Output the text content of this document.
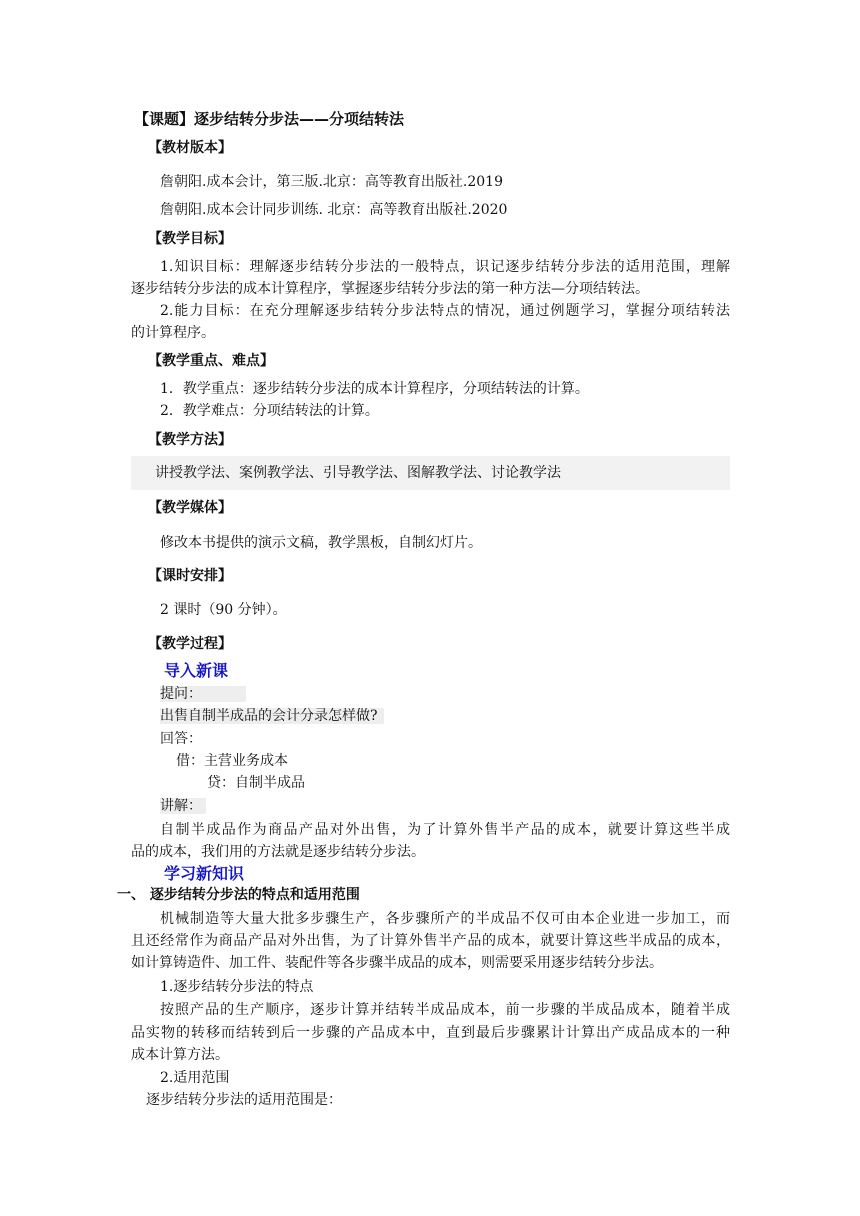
【课题】逐步结转分步法——分项结转法
【教材版本】
詹朝阳.成本会计，第三版.北京：高等教育出版社.2019
詹朝阳.成本会计同步训练. 北京：高等教育出版社.2020
【教学目标】
1.知识目标：理解逐步结转分步法的一般特点，识记逐步结转分步法的适用范围，理解
逐步结转分步法的成本计算程序，掌握逐步结转分步法的第一种方法—分项结转法。
2.能力目标：在充分理解逐步结转分步法特点的情况，通过例题学习，掌握分项结转法
的计算程序。
【教学重点、难点】
1．教学重点：逐步结转分步法的成本计算程序，分项结转法的计算。
2．教学难点：分项结转法的计算。
【教学方法】
讲授教学法、案例教学法、引导教学法、图解教学法、讨论教学法
【教学媒体】
修改本书提供的演示文稿，教学黑板，自制幻灯片。
【课时安排】
2 课时（90 分钟）。
【教学过程】
导入新课
提问：
出售自制半成品的会计分录怎样做?
回答：
借：主营业务成本
贷：自制半成品
讲解：
自制半成品作为商品产品对外出售，为了计算外售半产品的成本，就要计算这些半成
品的成本，我们用的方法就是逐步结转分步法。
学习新知识
一、 逐步结转分步法的特点和适用范围
机械制造等大量大批多步骤生产，各步骤所产的半成品不仅可由本企业进一步加工，而
且还经常作为商品产品对外出售，为了计算外售半产品的成本，就要计算这些半成品的成本，
如计算铸造件、加工件、装配件等各步骤半成品的成本，则需要采用逐步结转分步法。
1.逐步结转分步法的特点
按照产品的生产顺序，逐步计算并结转半成品成本，前一步骤的半成品成本，随着半成
品实物的转移而结转到后一步骤的产品成本中，直到最后步骤累计计算出产成品成本的一种
成本计算方法。
2.适用范围
逐步结转分步法的适用范围是：
